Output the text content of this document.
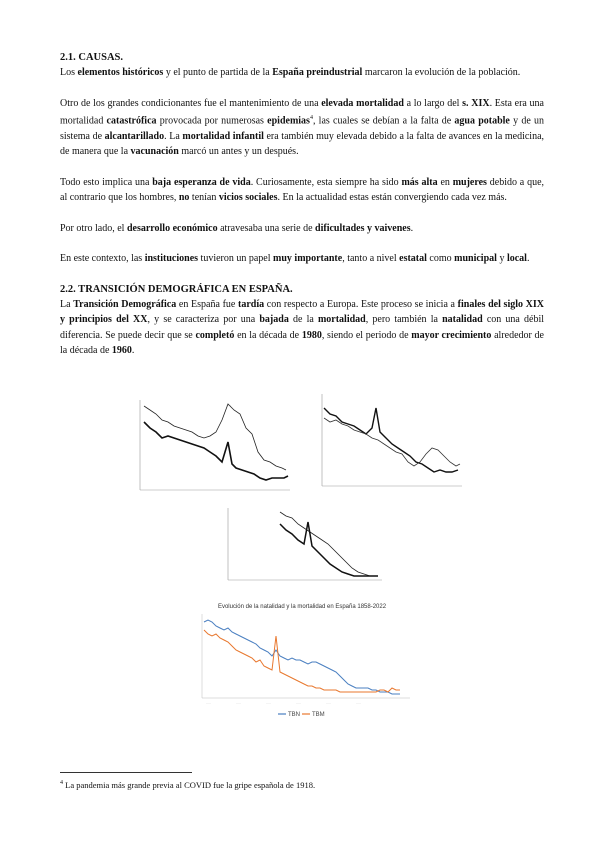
2.1. CAUSAS.

Los elementos históricos y el punto de partida de la España preindustrial marcaron la evolución de la población.

Otro de los grandes condicionantes fue el mantenimiento de una elevada mortalidad a lo largo del s. XIX. Esta era una mortalidad catastrófica provocada por numerosas epidemias$^4$, las cuales se debían a la falta de agua potable y de un sistema de alcantarillado. La mortalidad infantil era también muy elevada debido a la falta de avances en la medicina, de manera que la vacunación marcó un antes y un después.

Todo esto implica una baja esperanza de vida. Curiosamente, esta siempre ha sido más alta en mujeres debido a que, al contrario que los hombres, no tenían vicios sociales. En la actualidad estas están convergiendo cada vez más.

Por otro lado, el desarrollo económico atravesaba una serie de dificultades y vaivenes.

En este contexto, las instituciones tuvieron un papel muy importante, tanto a nivel estatal como municipal y local.

2.2. TRANSICIÓN DEMOGRÁFICA EN ESPAÑA.

La Transición Demográfica en España fue tardía con respecto a Europa. Este proceso se inicia a finales del siglo XIX y principios del XX, y se caracteriza por una bajada de la mortalidad, pero también la natalidad con una débil diferencia. Se puede decir que se completó en la década de 1980, siendo el periodo de mayor crecimiento alrededor de la década de 1960.

·····
Evolución de la natalidad y la mortalidad en España 1858-2022
·····	·····	·····	·····	·····	·····
TBN TBM
$^4$ La pandemia más grande previa al COVID fue la gripe española de 1918.
